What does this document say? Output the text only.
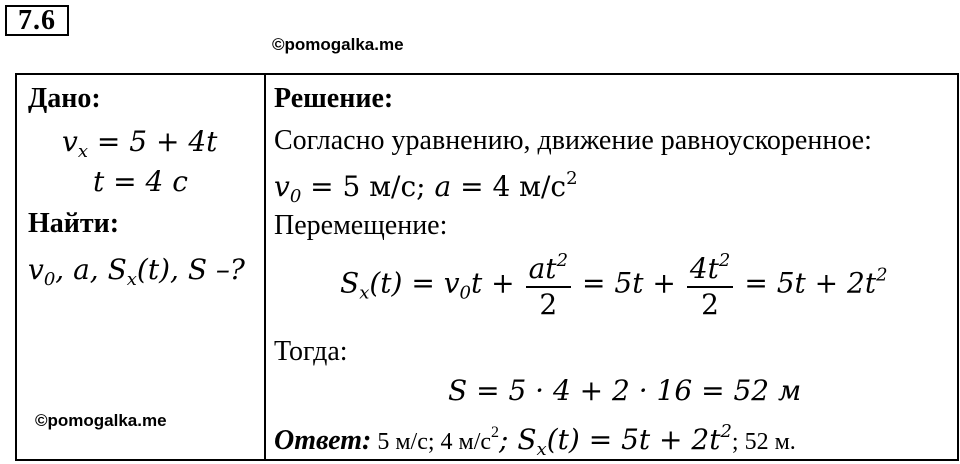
7.6
©pomogalka.me
Дано:
$v_x = 5 + 4t$
t = 4 с
Найти:
$v_0$, a, $S_x(t)$, S –?
©pomogalka.me
Решение:
Согласно уравнению, движение равноускоренное:
$v_0 = 5$ м/с; a = 4 $м/с^2$
Перемещение:
$S_x(t) = v_0t + \frac{at^2}{2} = 5t + \frac{4t^2}{2} = 5t + 2t^2$
Тогда:
S = 5 · 4 + 2 · 16 = 52 м
Ответ: 5 м/с; 4 $м/с^2$; $S_x(t) = 5t + 2t^2$; 52 м.
